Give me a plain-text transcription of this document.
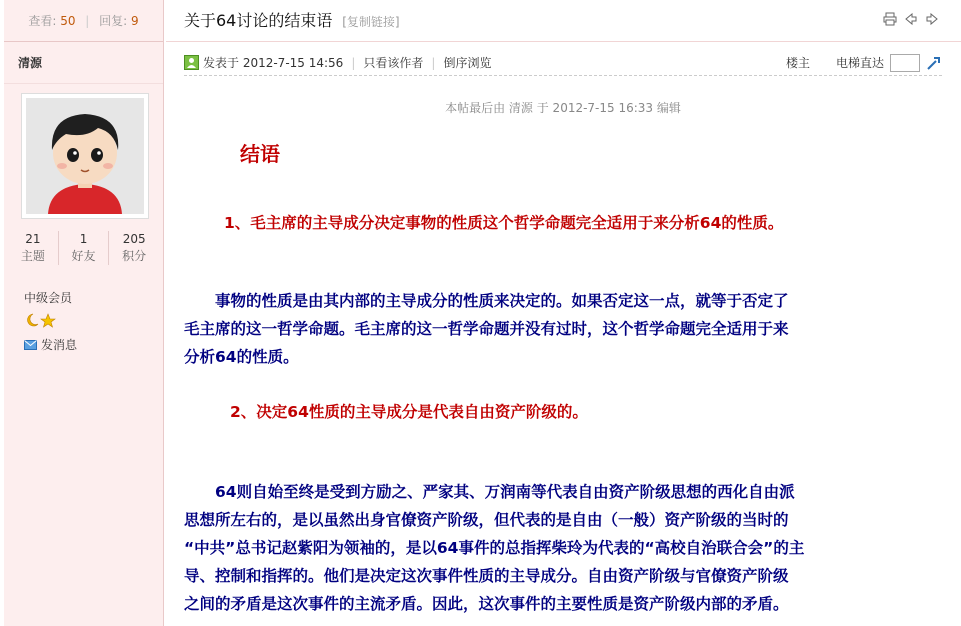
查看: 50 | 回复: 9
清源
21
主题
1
好友
205
积分
中级会员
发消息
关于64讨论的结束语 [复制链接]
发表于 2012-7-15 14:56 | 只看该作者 | 倒序浏览	楼主 电梯直达
本帖最后由 清源 于 2012-7-15 16:33 编辑
结语
1、毛主席的主导成分决定事物的性质这个哲学命题完全适用于来分析64的性质。
　　事物的性质是由其内部的主导成分的性质来决定的。如果否定这一点，就等于否定了
毛主席的这一哲学命题。毛主席的这一哲学命题并没有过时，这个哲学命题完全适用于来
分析64的性质。
2、决定64性质的主导成分是代表自由资产阶级的。
　　64则自始至终是受到方励之、严家其、万润南等代表自由资产阶级思想的西化自由派
思想所左右的，是以虽然出身官僚资产阶级，但代表的是自由（一般）资产阶级的当时的
“中共”总书记赵紫阳为领袖的，是以64事件的总指挥柴玲为代表的“高校自治联合会”的主
导、控制和指挥的。他们是决定这次事件性质的主导成分。自由资产阶级与官僚资产阶级
之间的矛盾是这次事件的主流矛盾。因此，这次事件的主要性质是资产阶级内部的矛盾。
